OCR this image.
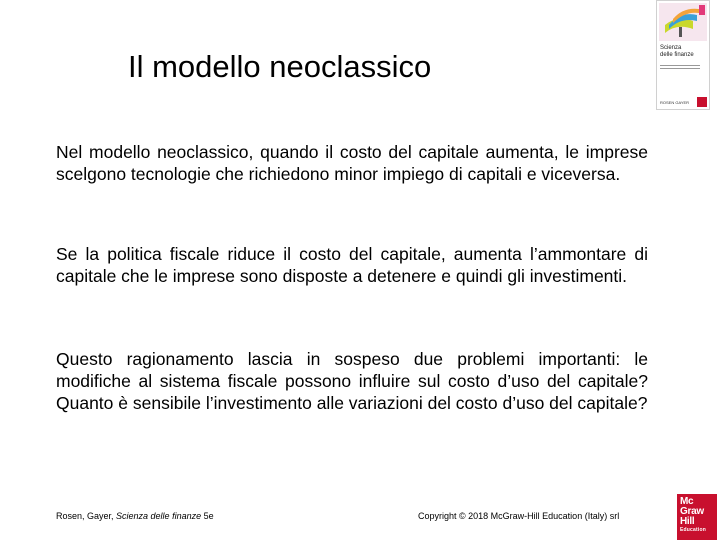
Il modello neoclassico

Nel modello neoclassico, quando il costo del capitale aumenta, le imprese scelgono tecnologie che richiedono minor impiego di capitali e viceversa.

Se la politica fiscale riduce il costo del capitale, aumenta l’ammontare di capitale che le imprese sono disposte a detenere e quindi gli investimenti.

Questo ragionamento lascia in sospeso due problemi importanti: le modifiche al sistema fiscale possono influire sul costo d’uso del capitale? Quanto è sensibile l’investimento alle variazioni del costo d’uso del capitale?

Scienza
delle finanze
ROSEN GAYER
Rosen, Gayer, Scienza delle finanze 5e	Copyright © 2018 McGraw-Hill Education (Italy) srl
Mc
Graw
Hill
Education
